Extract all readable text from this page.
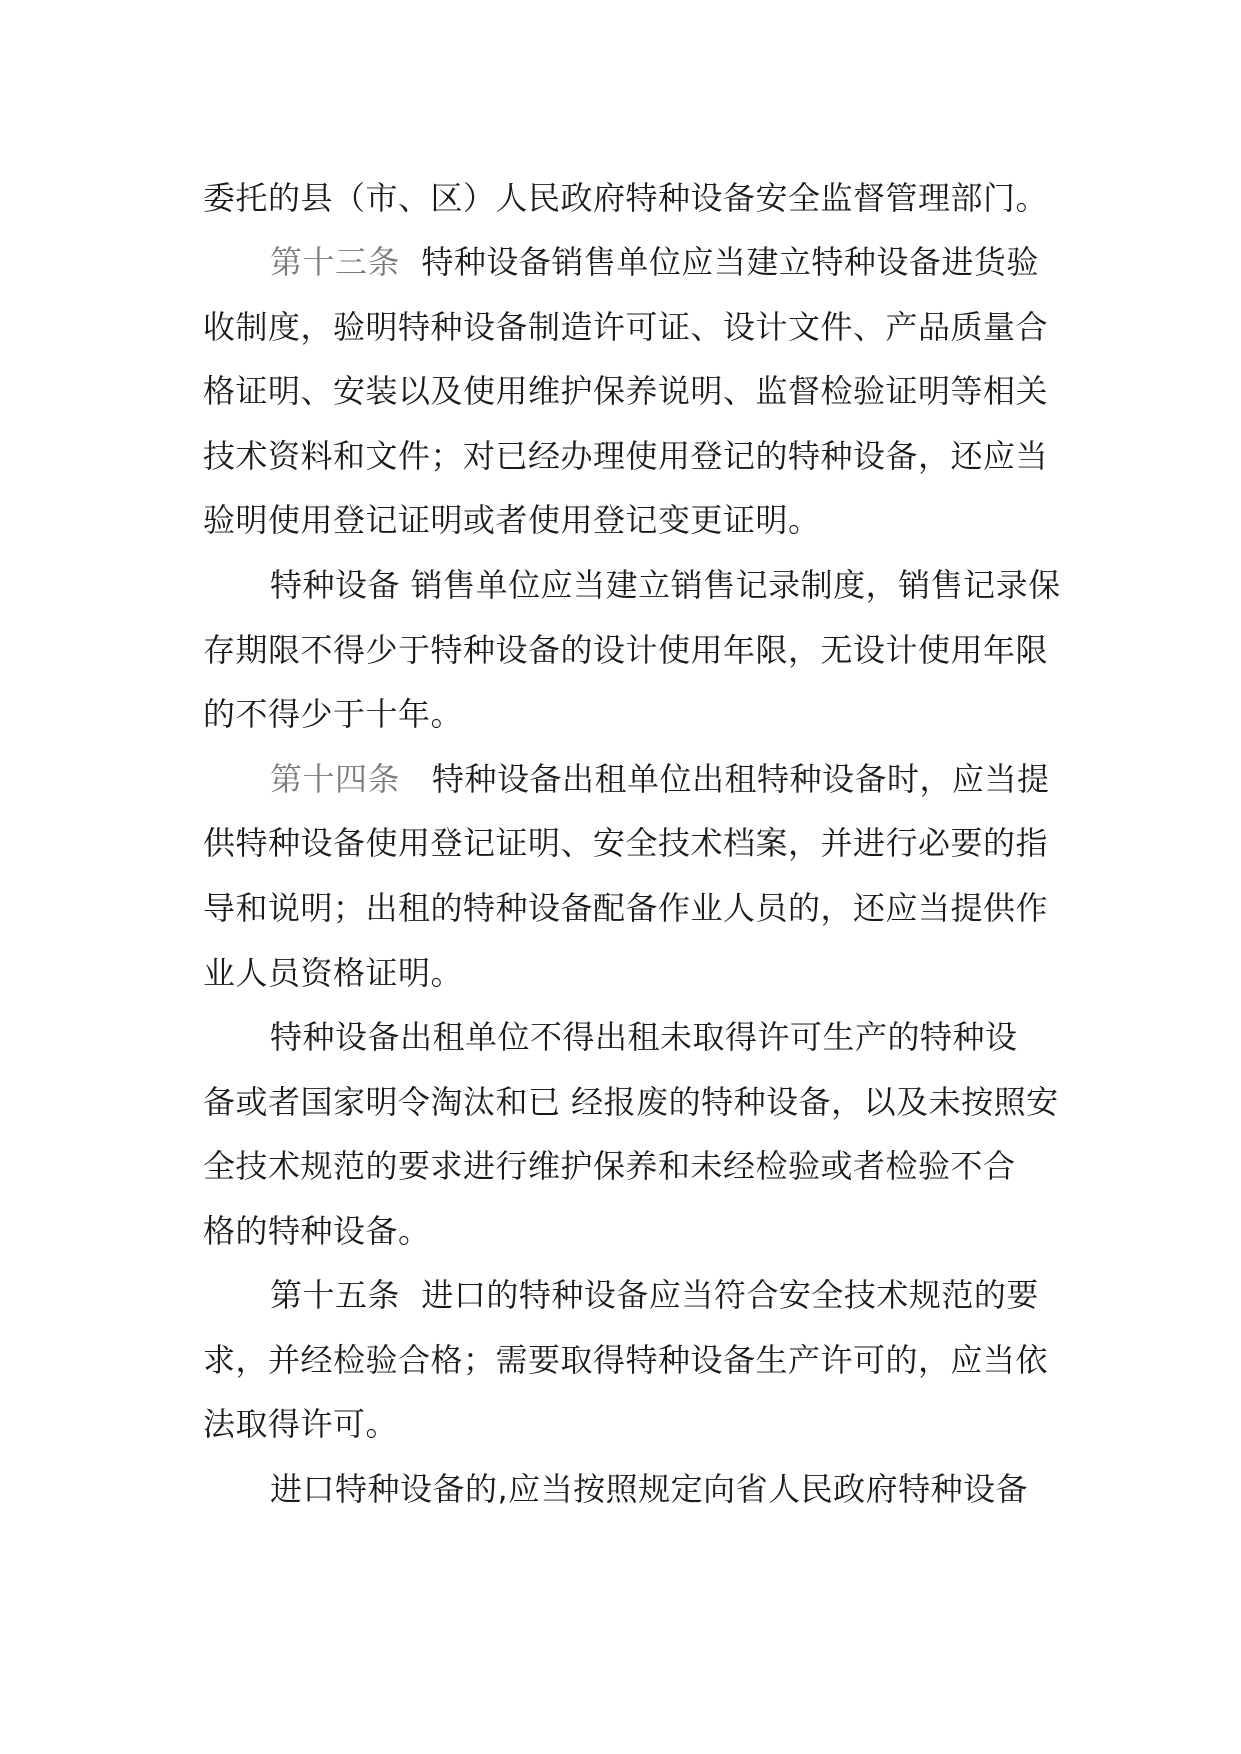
委托的县（市、区）人民政府特种设备安全监督管理部门。
第十三条 特种设备销售单位应当建立特种设备进货验
收制度，验明特种设备制造许可证、设计文件、产品质量合
格证明、安装以及使用维护保养说明、监督检验证明等相关
技术资料和文件；对已经办理使用登记的特种设备，还应当
验明使用登记证明或者使用登记变更证明。
特种设备 销售单位应当建立销售记录制度，销售记录保
存期限不得少于特种设备的设计使用年限，无设计使用年限
的不得少于十年。
第十四条 特种设备出租单位出租特种设备时，应当提
供特种设备使用登记证明、安全技术档案，并进行必要的指
导和说明；出租的特种设备配备作业人员的，还应当提供作
业人员资格证明。
特种设备出租单位不得出租未取得许可生产的特种设
备或者国家明令淘汰和已 经报废的特种设备，以及未按照安
全技术规范的要求进行维护保养和未经检验或者检验不合
格的特种设备。
第十五条 进口的特种设备应当符合安全技术规范的要
求，并经检验合格；需要取得特种设备生产许可的，应当依
法取得许可。
进口特种设备的,应当按照规定向省人民政府特种设备
